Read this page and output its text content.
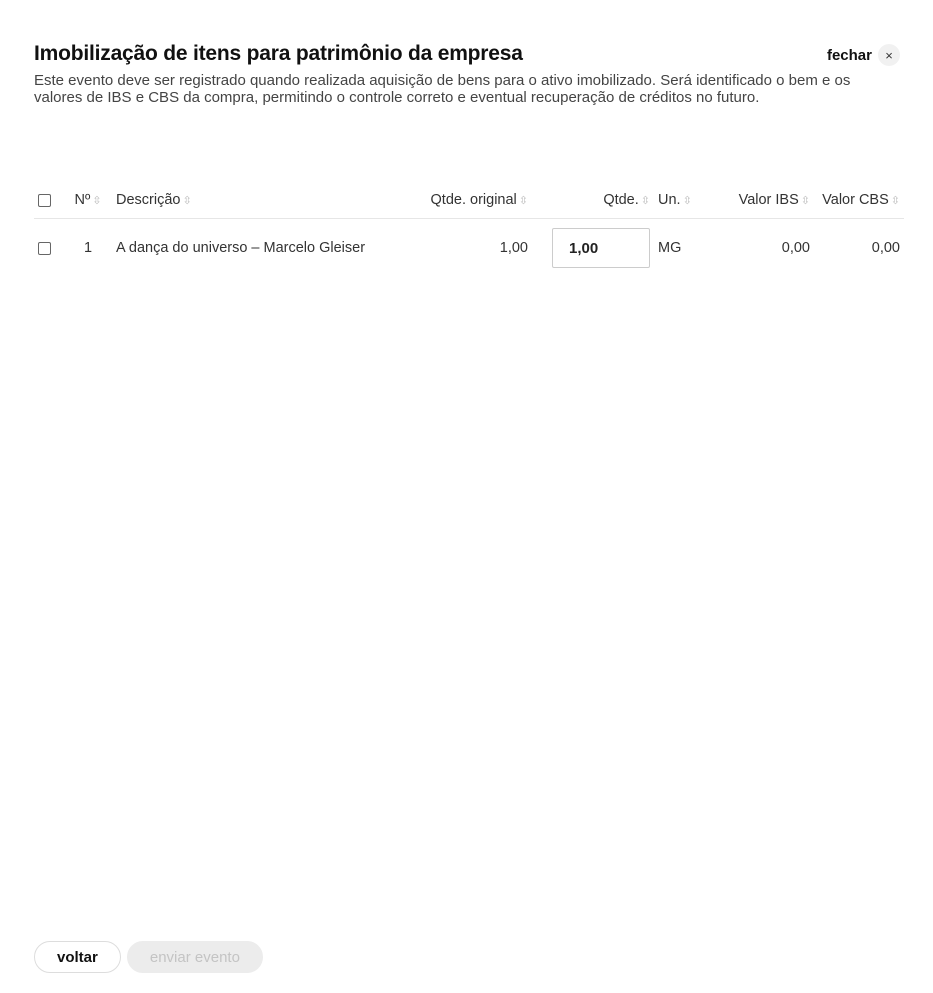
Imobilização de itens para patrimônio da empresa
Este evento deve ser registrado quando realizada aquisição de bens para o ativo imobilizado. Será identificado o bem e os valores de IBS e CBS da compra, permitindo o controle correto e eventual recuperação de créditos no futuro.
fechar	×
	Nº ⇳	Descrição ⇳	Qtde. original ⇳	Qtde. ⇳	Un. ⇳	Valor IBS ⇳	Valor CBS ⇳
	1	A dança do universo – Marcelo Gleiser	1,00	1,00	MG	0,00	0,00
voltar	enviar evento
